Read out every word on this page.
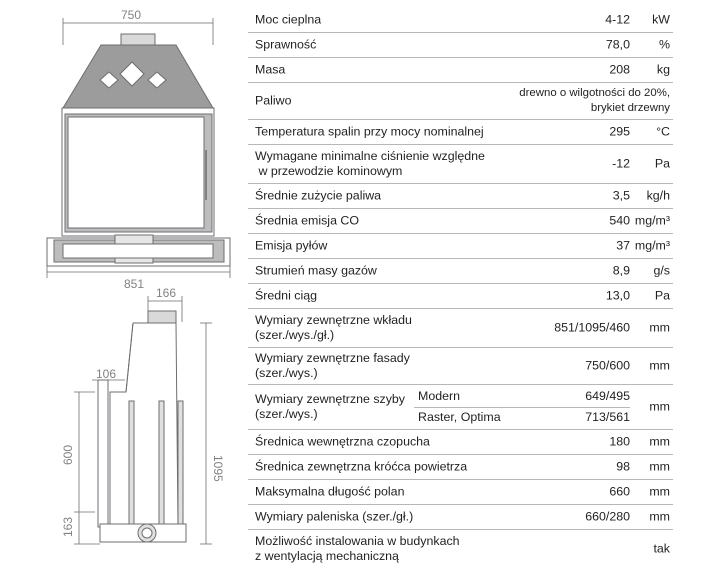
750
851
166
106
1095
600
163
Moc cieplna	4-12 kW
Sprawność	78,0 %
Masa	208 kg
Paliwo
drewno o wilgotności do 20%,
brykiet drzewny
Temperatura spalin przy mocy nominalnej	295 °C
Wymagane minimalne ciśnienie względne
w przewodzie kominowym
-12 Pa
Średnie zużycie paliwa	3,5 kg/h
Średnia emisja CO	540 mg/m³
Emisja pyłów	37 mg/m³
Strumień masy gazów	8,9 g/s
Średni ciąg	13,0 Pa
Wymiary zewnętrzne wkładu
(szer./wys./gł.)
851/1095/460 mm
Wymiary zewnętrzne fasady
(szer./wys.)
750/600 mm
Wymiary zewnętrzne szyby
(szer./wys.)
Modern	649/495
Raster, Optima	713/561
mm
Średnica wewnętrzna czopucha	180 mm
Średnica zewnętrzna króćca powietrza	98 mm
Maksymalna długość polan	660 mm
Wymiary paleniska (szer./gł.)	660/280 mm
Możliwość instalowania w budynkach
z wentylacją mechaniczną
tak
